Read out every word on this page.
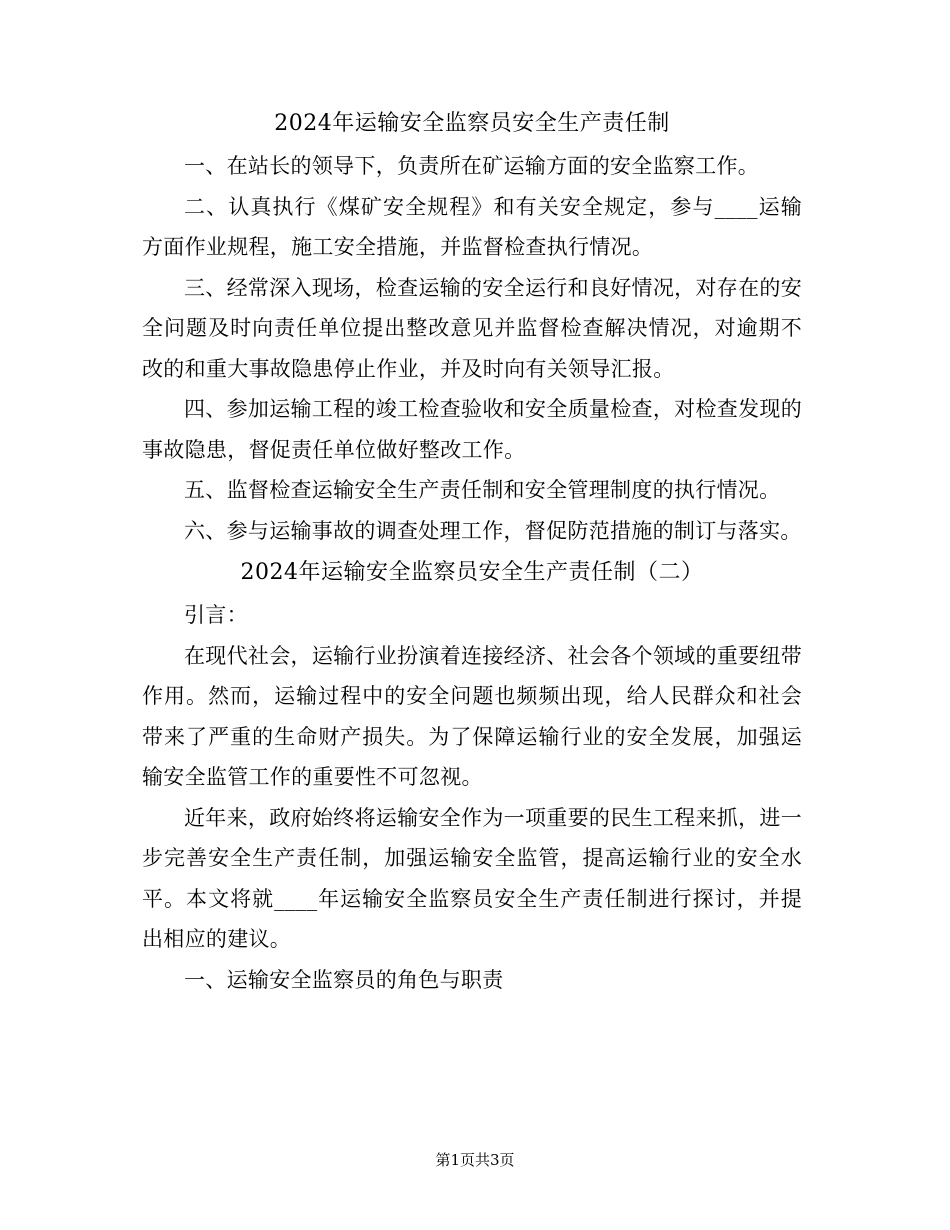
2024年运输安全监察员安全生产责任制

一、在站长的领导下，负责所在矿运输方面的安全监察工作。

二、认真执行《煤矿安全规程》和有关安全规定，参与____运输方面作业规程，施工安全措施，并监督检查执行情况。

三、经常深入现场，检查运输的安全运行和良好情况，对存在的安全问题及时向责任单位提出整改意见并监督检查解决情况，对逾期不改的和重大事故隐患停止作业，并及时向有关领导汇报。

四、参加运输工程的竣工检查验收和安全质量检查，对检查发现的事故隐患，督促责任单位做好整改工作。

五、监督检查运输安全生产责任制和安全管理制度的执行情况。

六、参与运输事故的调查处理工作，督促防范措施的制订与落实。

2024年运输安全监察员安全生产责任制（二）

引言：

在现代社会，运输行业扮演着连接经济、社会各个领域的重要纽带作用。然而，运输过程中的安全问题也频频出现，给人民群众和社会带来了严重的生命财产损失。为了保障运输行业的安全发展，加强运输安全监管工作的重要性不可忽视。

近年来，政府始终将运输安全作为一项重要的民生工程来抓，进一步完善安全生产责任制，加强运输安全监管，提高运输行业的安全水平。本文将就____年运输安全监察员安全生产责任制进行探讨，并提出相应的建议。

一、运输安全监察员的角色与职责

第1页共3页
